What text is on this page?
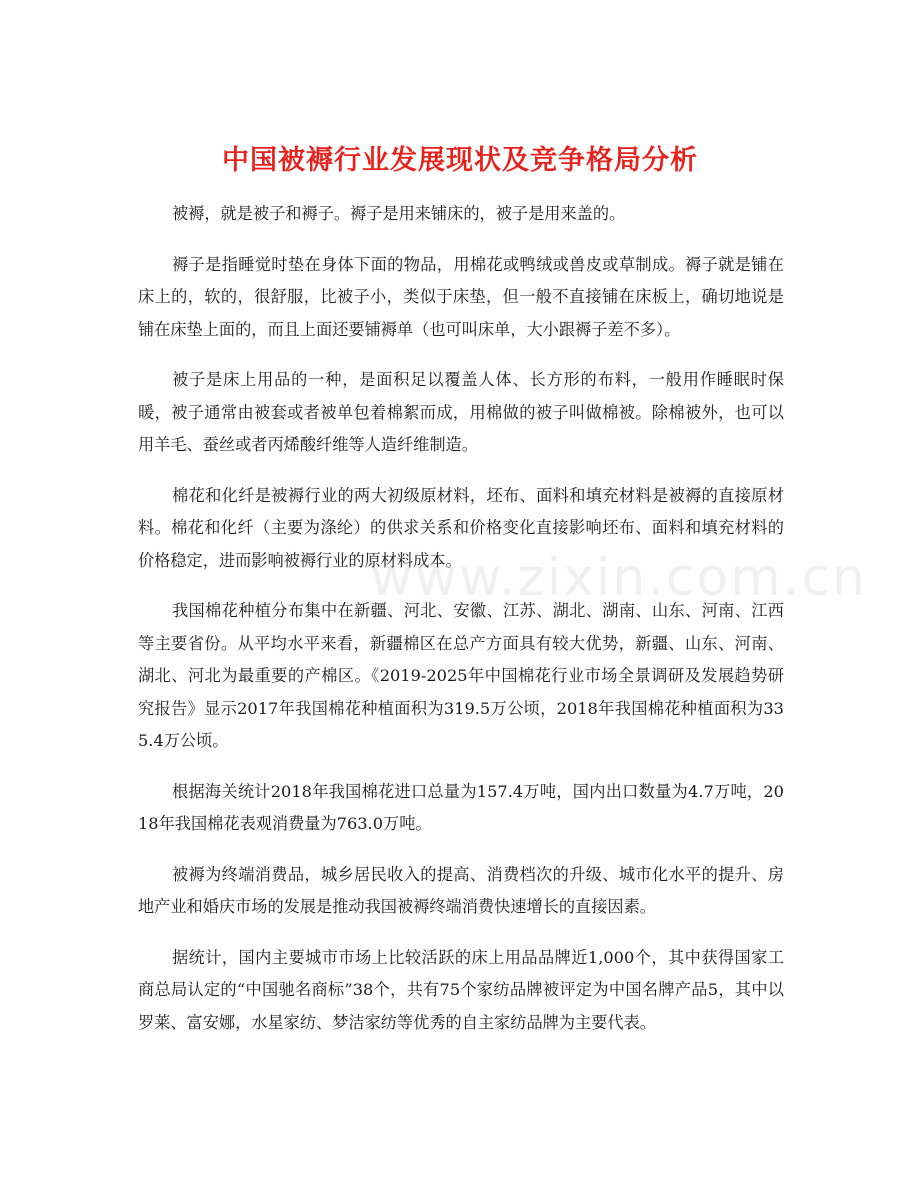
中国被褥行业发展现状及竞争格局分析
www.zixin.com.cn

被褥，就是被子和褥子。褥子是用来铺床的，被子是用来盖的。

褥子是指睡觉时垫在身体下面的物品，用棉花或鸭绒或兽皮或草制成。褥子就是铺在床上的，软的，很舒服，比被子小，类似于床垫，但一般不直接铺在床板上，确切地说是铺在床垫上面的，而且上面还要铺褥单（也可叫床单，大小跟褥子差不多）。

被子是床上用品的一种，是面积足以覆盖人体、长方形的布料，一般用作睡眠时保暖，被子通常由被套或者被单包着棉絮而成，用棉做的被子叫做棉被。除棉被外，也可以用羊毛、蚕丝或者丙烯酸纤维等人造纤维制造。

棉花和化纤是被褥行业的两大初级原材料，坯布、面料和填充材料是被褥的直接原材料。棉花和化纤（主要为涤纶）的供求关系和价格变化直接影响坯布、面料和填充材料的价格稳定，进而影响被褥行业的原材料成本。

我国棉花种植分布集中在新疆、河北、安徽、江苏、湖北、湖南、山东、河南、江西等主要省份。从平均水平来看，新疆棉区在总产方面具有较大优势，新疆、山东、河南、湖北、河北为最重要的产棉区。《2019-2025年中国棉花行业市场全景调研及发展趋势研究报告》显示2017年我国棉花种植面积为319.5万公顷，2018年我国棉花种植面积为335.4万公顷。

根据海关统计2018年我国棉花进口总量为157.4万吨，国内出口数量为4.7万吨，2018年我国棉花表观消费量为763.0万吨。

被褥为终端消费品，城乡居民收入的提高、消费档次的升级、城市化水平的提升、房地产业和婚庆市场的发展是推动我国被褥终端消费快速增长的直接因素。

据统计，国内主要城市市场上比较活跃的床上用品品牌近1,000个，其中获得国家工商总局认定的“中国驰名商标”38个，共有75个家纺品牌被评定为中国名牌产品5，其中以罗莱、富安娜，水星家纺、梦洁家纺等优秀的自主家纺品牌为主要代表。
